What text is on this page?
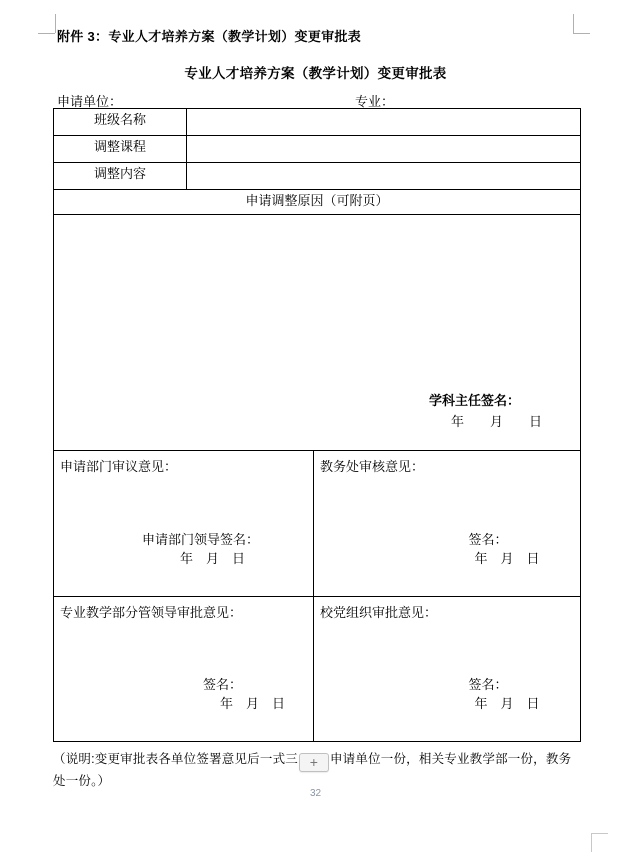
附件 3：专业人才培养方案（教学计划）变更审批表
专业人才培养方案（教学计划）变更审批表
申请单位：	专业：
班级名称		
调整课程		
调整内容		
申请调整原因（可附页）		

学科主任签名：
年　　月　　日		

申请部门审议意见：
申请部门领导签名：
年　月　日

教务处审核意见：
签名：
年　月　日

专业教学部分管领导审批意见：
签名：
年　月　日

校党组织审批意见：
签名：
年　月　日
（说明:变更审批表各单位签署意见后一式三 + 申请单位一份，相关专业教学部一份，教务处一份。）
32
